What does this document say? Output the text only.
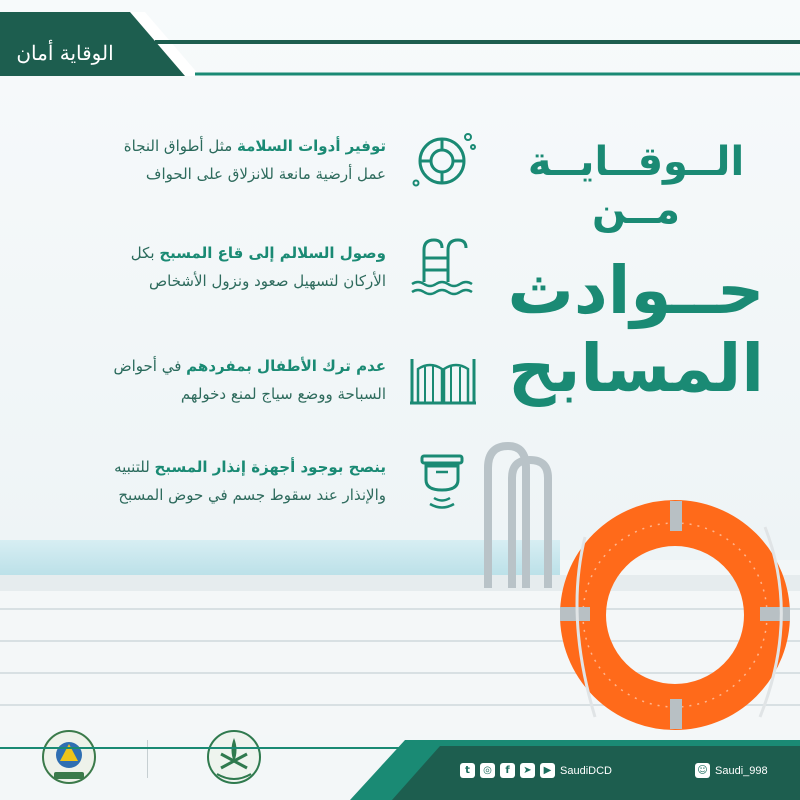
الوقاية أمان
الــوقــايــة مــن
حــوادث
المسابح
توفير أدوات السلامة مثل أطواق النجاة
عمل أرضية مانعة للانزلاق على الحواف
وصول السلالم إلى قاع المسبح بكل
الأركان لتسهيل صعود ونزول الأشخاص
عدم ترك الأطفال بمفردهم في أحواض
السباحة ووضع سياج لمنع دخولهم
ينصح بوجود أجهزة إنذار المسبح للتنبيه
والإنذار عند سقوط جسم في حوض المسبح
t	◎	f	➤	▶ SaudiDCD	☺ Saudi_998
